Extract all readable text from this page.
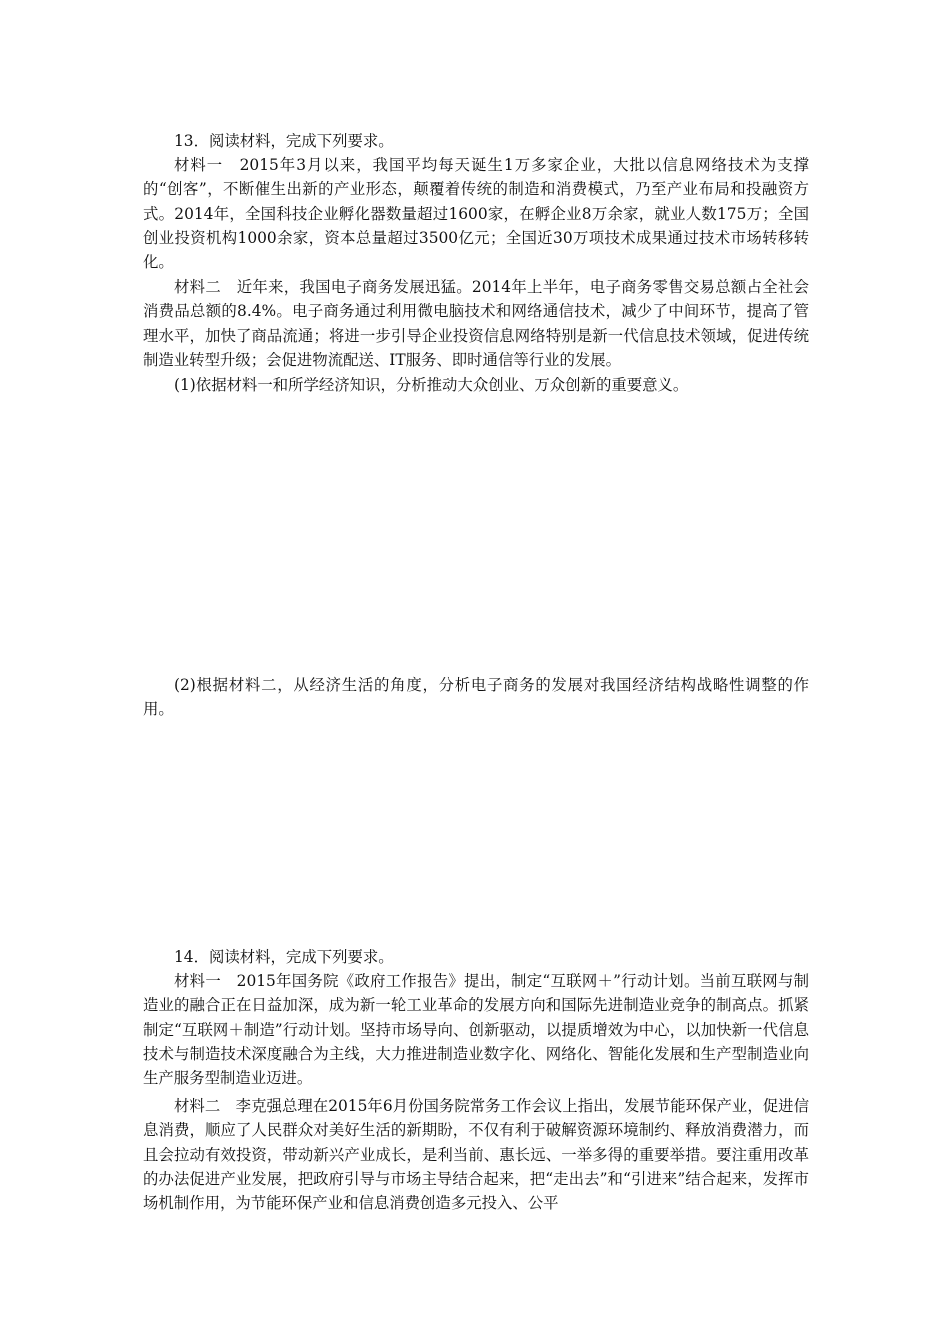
13．阅读材料，完成下列要求。

材料一　2015年3月以来，我国平均每天诞生1万多家企业，大批以信息网络技术为支撑的“创客”，不断催生出新的产业形态，颠覆着传统的制造和消费模式，乃至产业布局和投融资方式。2014年，全国科技企业孵化器数量超过1600家，在孵企业8万余家，就业人数175万；全国创业投资机构1000余家，资本总量超过3500亿元；全国近30万项技术成果通过技术市场转移转化。

材料二　近年来，我国电子商务发展迅猛。2014年上半年，电子商务零售交易总额占全社会消费品总额的8.4%。电子商务通过利用微电脑技术和网络通信技术，减少了中间环节，提高了管理水平，加快了商品流通；将进一步引导企业投资信息网络特别是新一代信息技术领域，促进传统制造业转型升级；会促进物流配送、IT服务、即时通信等行业的发展。

(1)依据材料一和所学经济知识，分析推动大众创业、万众创新的重要意义。

(2)根据材料二，从经济生活的角度，分析电子商务的发展对我国经济结构战略性调整的作用。

14．阅读材料，完成下列要求。

材料一　2015年国务院《政府工作报告》提出，制定“互联网＋”行动计划。当前互联网与制造业的融合正在日益加深，成为新一轮工业革命的发展方向和国际先进制造业竞争的制高点。抓紧制定“互联网＋制造”行动计划。坚持市场导向、创新驱动，以提质增效为中心，以加快新一代信息技术与制造技术深度融合为主线，大力推进制造业数字化、网络化、智能化发展和生产型制造业向生产服务型制造业迈进。

材料二　李克强总理在2015年6月份国务院常务工作会议上指出，发展节能环保产业，促进信息消费，顺应了人民群众对美好生活的新期盼，不仅有利于破解资源环境制约、释放消费潜力，而且会拉动有效投资，带动新兴产业成长，是利当前、惠长远、一举多得的重要举措。要注重用改革的办法促进产业发展，把政府引导与市场主导结合起来，把“走出去”和“引进来”结合起来，发挥市场机制作用，为节能环保产业和信息消费创造多元投入、公平
